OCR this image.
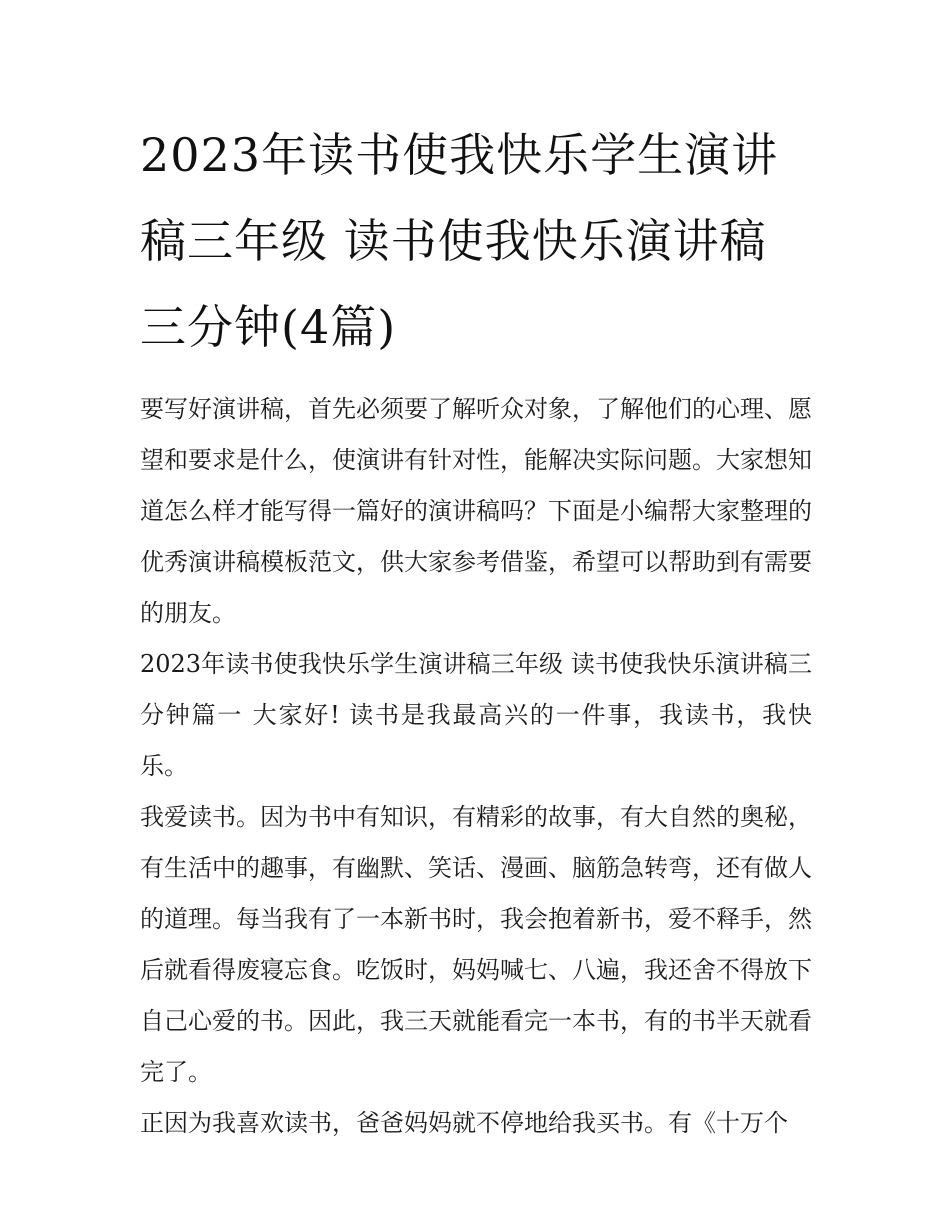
2023年读书使我快乐学生演讲稿三年级 读书使我快乐演讲稿三分钟(4篇)

要写好演讲稿，首先必须要了解听众对象，了解他们的心理、愿望和要求是什么，使演讲有针对性，能解决实际问题。大家想知道怎么样才能写得一篇好的演讲稿吗？下面是小编帮大家整理的优秀演讲稿模板范文，供大家参考借鉴，希望可以帮助到有需要的朋友。

2023年读书使我快乐学生演讲稿三年级 读书使我快乐演讲稿三分钟篇一 大家好! 读书是我最高兴的一件事，我读书，我快乐。

我爱读书。因为书中有知识，有精彩的故事，有大自然的奥秘，有生活中的趣事，有幽默、笑话、漫画、脑筋急转弯，还有做人的道理。每当我有了一本新书时，我会抱着新书，爱不释手，然后就看得废寝忘食。吃饭时，妈妈喊七、八遍，我还舍不得放下自己心爱的书。因此，我三天就能看完一本书，有的书半天就看完了。

正因为我喜欢读书，爸爸妈妈就不停地给我买书。有《十万个
